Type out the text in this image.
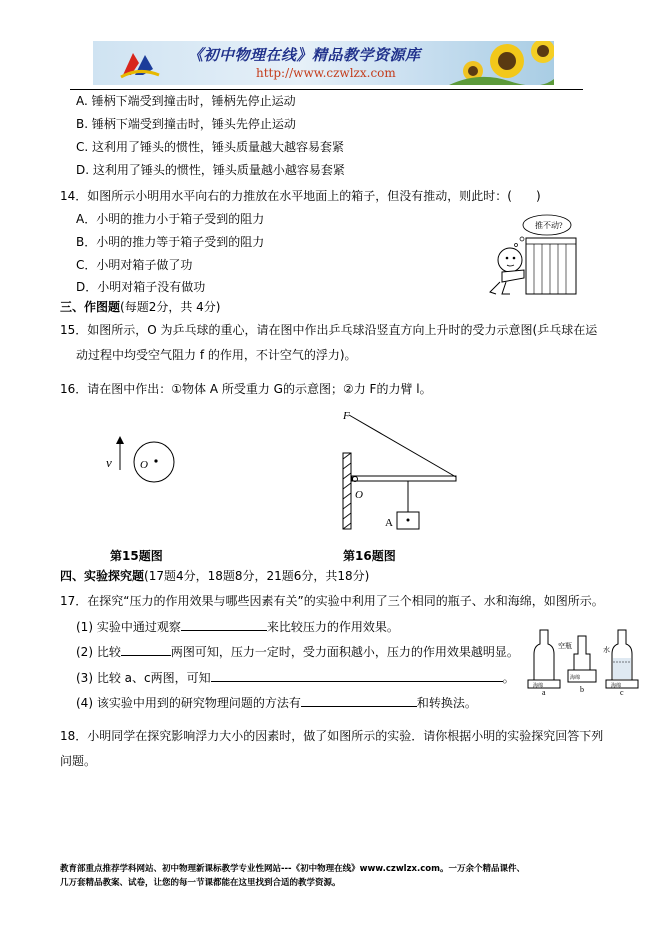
《初中物理在线》精品教学资源库
http://www.czwlzx.com
A. 锤柄下端受到撞击时，锤柄先停止运动
B. 锤柄下端受到撞击时，锤头先停止运动
C. 这利用了锤头的惯性，锤头质量越大越容易套紧
D. 这利用了锤头的惯性，锤头质量越小越容易套紧
14．如图所示小明用水平向右的力推放在水平地面上的箱子，但没有推动，则此时：(　　)
A．小明的推力小于箱子受到的阻力
B．小明的推力等于箱子受到的阻力
C．小明对箱子做了功
D．小明对箱子没有做功
推不动?
三、作图题(每题2分，共 4分)
15．如图所示，O 为乒乓球的重心，请在图中作出乒乓球沿竖直方向上升时的受力示意图(乒乓球在运
动过程中均受空气阻力 f 的作用，不计空气的浮力)。
16．请在图中作出：①物体 A 所受重力 G的示意图；②力 F的力臂 l。
v	O
F
O
A
第15题图	第16题图
四、实验探究题(17题4分，18题8分，21题6分，共18分)
17．在探究“压力的作用效果与哪些因素有关”的实验中利用了三个相同的瓶子、水和海绵，如图所示。
(1) 实验中通过观察	来比较压力的作用效果。
(2) 比较	两图可知，压力一定时，受力面积越小，压力的作用效果越明显。
(3) 比较 a、c两图，可知	。
(4) 该实验中用到的研究物理问题的方法有	和转换法。
海绵
海绵
空瓶
海绵
水
a	b	c
18．小明同学在探究影响浮力大小的因素时，做了如图所示的实验．请你根据小明的实验探究回答下列
问题。
教育部重点推荐学科网站、初中物理新课标教学专业性网站---《初中物理在线》www.czwlzx.com。一万余个精品课件、
几万套精品教案、试卷，让您的每一节课都能在这里找到合适的教学资源。
